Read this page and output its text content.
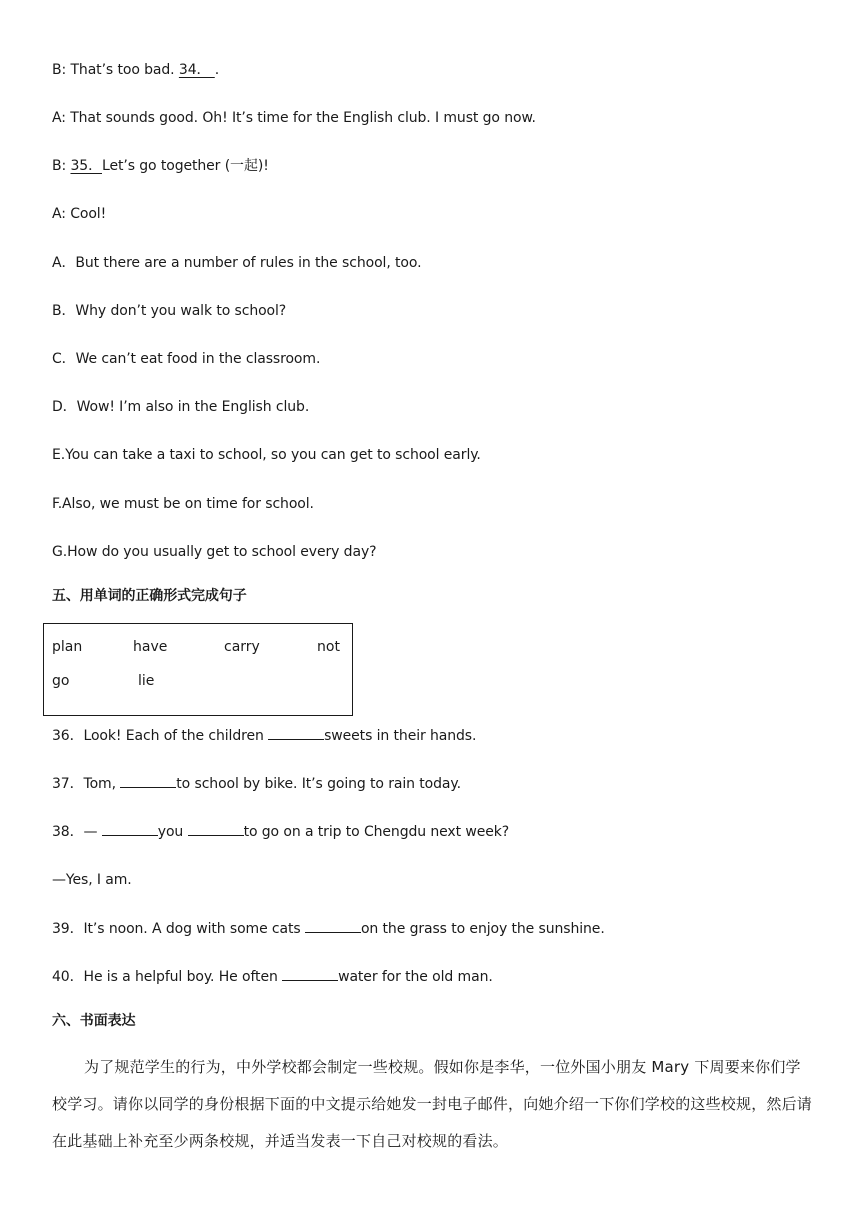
B: That’s too bad. 34． .
A: That sounds good. Oh! It’s time for the English club. I must go now.
B: 35．Let’s go together (一起)!
A: Cool!
A．But there are a number of rules in the school, too.
B．Why don’t you walk to school?
C．We can’t eat food in the classroom.
D．Wow! I’m also in the English club.
E.You can take a taxi to school, so you can get to school early.
F.Also, we must be on time for school.
G.How do you usually get to school every day?
五、用单词的正确形式完成句子
plan	have	carry	not
go	lie
36．Look! Each of the children	sweets in their hands.
37．Tom,	to school by bike. It’s going to rain today.
38．—	you	to go on a trip to Chengdu next week?
—Yes, I am.
39．It’s noon. A dog with some cats	on the grass to enjoy the sunshine.
40．He is a helpful boy. He often	water for the old man.
六、书面表达
为了规范学生的行为，中外学校都会制定一些校规。假如你是李华，一位外国小朋友 Mary 下周要来你们学校学习。请你以同学的身份根据下面的中文提示给她发一封电子邮件，向她介绍一下你们学校的这些校规，然后请在此基础上补充至少两条校规，并适当发表一下自己对校规的看法。
